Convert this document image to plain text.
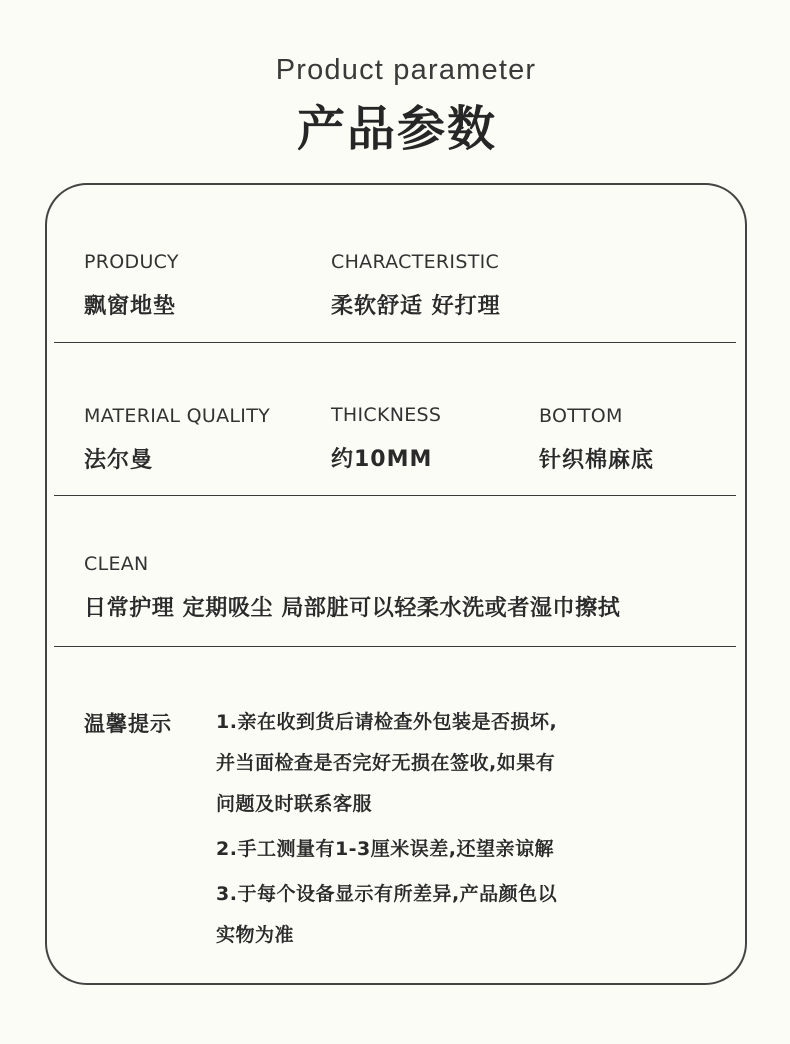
Product parameter
产品参数
PRODUCY
飘窗地垫
CHARACTERISTIC
柔软舒适 好打理
MATERIAL QUALITY
法尔曼
THICKNESS
约10MM
BOTTOM
针织棉麻底
CLEAN
日常护理 定期吸尘 局部脏可以轻柔水洗或者湿巾擦拭
温馨提示 1.亲在收到货后请检查外包装是否损坏,
并当面检查是否完好无损在签收,如果有
问题及时联系客服
2.手工测量有1-3厘米误差,还望亲谅解
3.于每个设备显示有所差异,产品颜色以
实物为准
